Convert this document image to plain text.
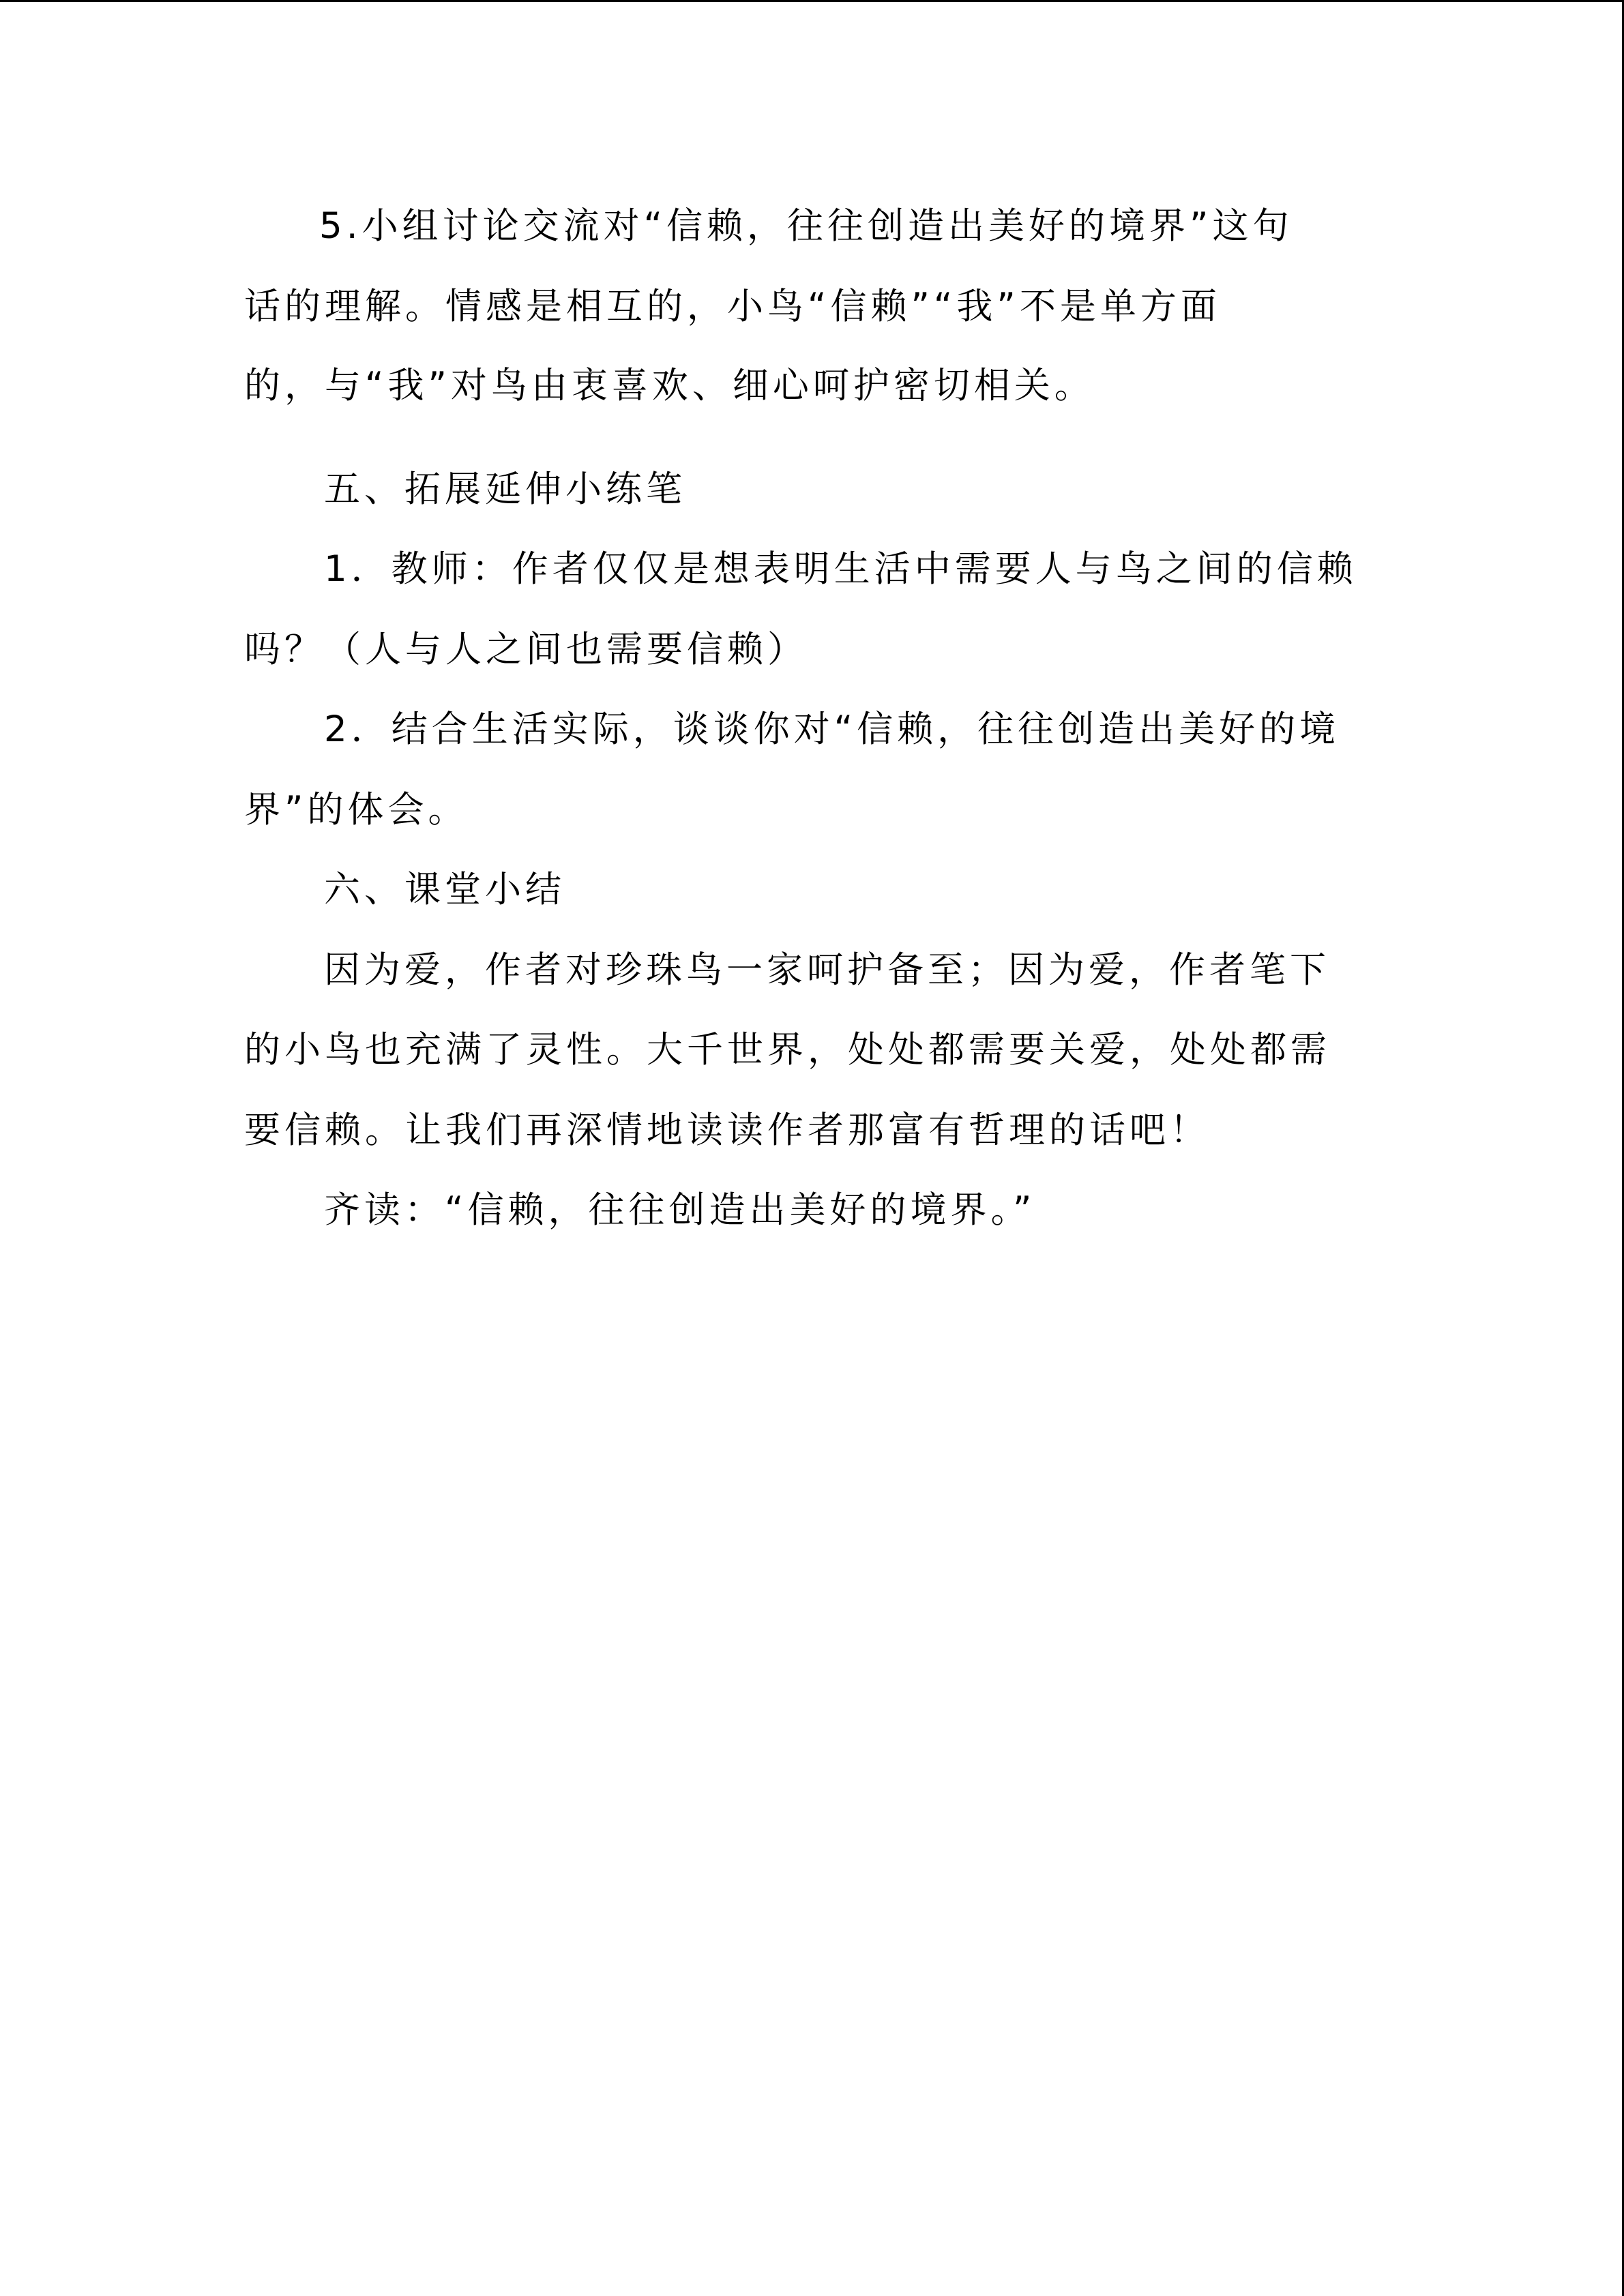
5.小组讨论交流对“信赖，往往创造出美好的境界”这句
话的理解。情感是相互的，小鸟“信赖”“我”不是单方面
的，与“我”对鸟由衷喜欢、细心呵护密切相关。
五、拓展延伸小练笔
1．教师：作者仅仅是想表明生活中需要人与鸟之间的信赖
吗？（人与人之间也需要信赖）
2．结合生活实际，谈谈你对“信赖，往往创造出美好的境
界”的体会。
六、课堂小结
因为爱，作者对珍珠鸟一家呵护备至；因为爱，作者笔下
的小鸟也充满了灵性。大千世界，处处都需要关爱，处处都需
要信赖。让我们再深情地读读作者那富有哲理的话吧！
齐读：“信赖，往往创造出美好的境界。”
